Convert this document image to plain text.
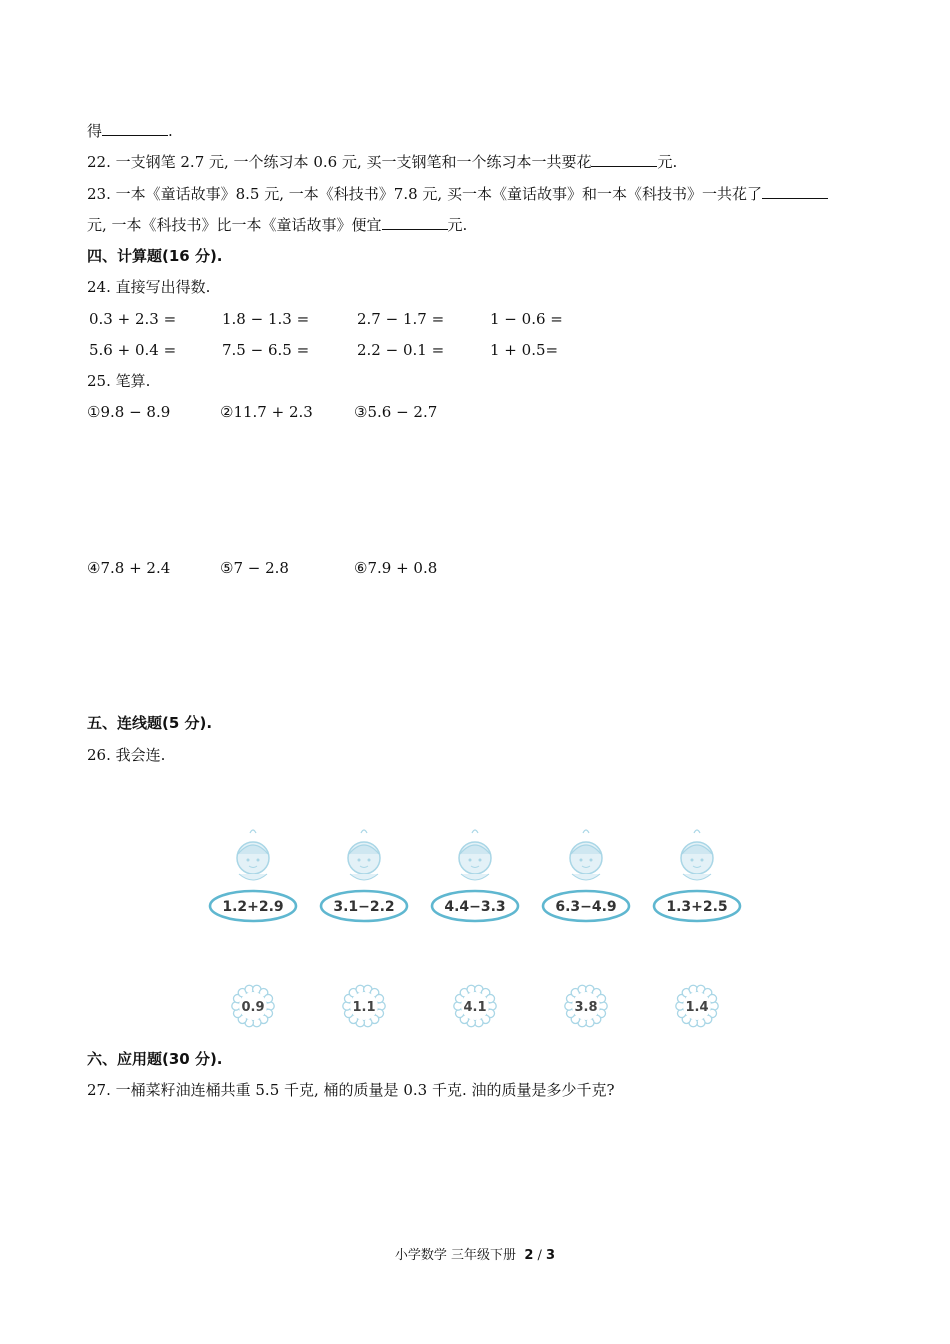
得	.
22. 一支钢笔 2.7 元, 一个练习本 0.6 元, 买一支钢笔和一个练习本一共要花	元.
23. 一本《童话故事》8.5 元, 一本《科技书》7.8 元, 买一本《童话故事》和一本《科技书》一共花了
元, 一本《科技书》比一本《童话故事》便宜	元.
四、计算题(16 分).
24. 直接写出得数.
0.3 + 2.3 =	1.8 − 1.3 =	2.7 − 1.7 =	1 − 0.6 =
5.6 + 0.4 =	7.5 − 6.5 =	2.2 − 0.1 =	1 + 0.5=
25. 笔算.
①9.8 − 8.9	②11.7 + 2.3	③5.6 − 2.7
④7.8 + 2.4	⑤7 − 2.8	⑥7.9 + 0.8
五、连线题(5 分).
26. 我会连.
1.2+2.9
0.9
3.1−2.2
1.1
4.4−3.3
4.1
6.3−4.9
3.8
1.3+2.5
1.4
六、应用题(30 分).
27. 一桶菜籽油连桶共重 5.5 千克, 桶的质量是 0.3 千克. 油的质量是多少千克?
小学数学 三年级下册 2 / 3
